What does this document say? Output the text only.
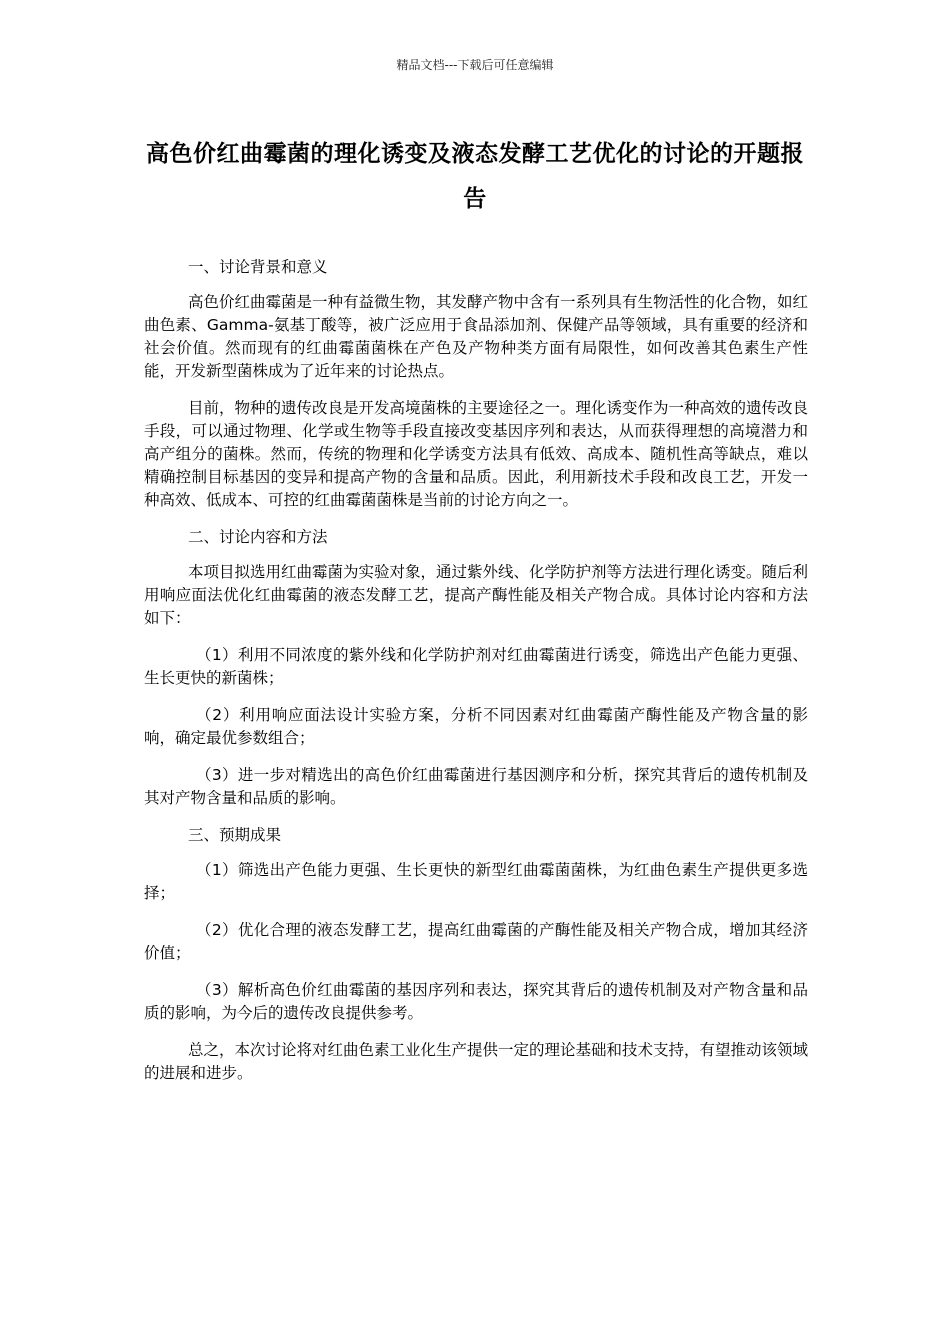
精品文档---下载后可任意编辑
高色价红曲霉菌的理化诱变及液态发酵工艺优化的讨论的开题报告

一、讨论背景和意义

高色价红曲霉菌是一种有益微生物，其发酵产物中含有一系列具有生物活性的化合物，如红曲色素、Gamma-氨基丁酸等，被广泛应用于食品添加剂、保健产品等领域，具有重要的经济和社会价值。然而现有的红曲霉菌菌株在产色及产物种类方面有局限性，如何改善其色素生产性能，开发新型菌株成为了近年来的讨论热点。

目前，物种的遗传改良是开发高境菌株的主要途径之一。理化诱变作为一种高效的遗传改良手段，可以通过物理、化学或生物等手段直接改变基因序列和表达，从而获得理想的高境潜力和高产组分的菌株。然而，传统的物理和化学诱变方法具有低效、高成本、随机性高等缺点，难以精确控制目标基因的变异和提高产物的含量和品质。因此，利用新技术手段和改良工艺，开发一种高效、低成本、可控的红曲霉菌菌株是当前的讨论方向之一。

二、讨论内容和方法

本项目拟选用红曲霉菌为实验对象，通过紫外线、化学防护剂等方法进行理化诱变。随后利用响应面法优化红曲霉菌的液态发酵工艺，提高产酶性能及相关产物合成。具体讨论内容和方法如下：

（1）利用不同浓度的紫外线和化学防护剂对红曲霉菌进行诱变，筛选出产色能力更强、生长更快的新菌株；

（2）利用响应面法设计实验方案，分析不同因素对红曲霉菌产酶性能及产物含量的影响，确定最优参数组合；

（3）进一步对精选出的高色价红曲霉菌进行基因测序和分析，探究其背后的遗传机制及其对产物含量和品质的影响。

三、预期成果

（1）筛选出产色能力更强、生长更快的新型红曲霉菌菌株，为红曲色素生产提供更多选择；

（2）优化合理的液态发酵工艺，提高红曲霉菌的产酶性能及相关产物合成，增加其经济价值；

（3）解析高色价红曲霉菌的基因序列和表达，探究其背后的遗传机制及对产物含量和品质的影响，为今后的遗传改良提供参考。

总之，本次讨论将对红曲色素工业化生产提供一定的理论基础和技术支持，有望推动该领域的进展和进步。
